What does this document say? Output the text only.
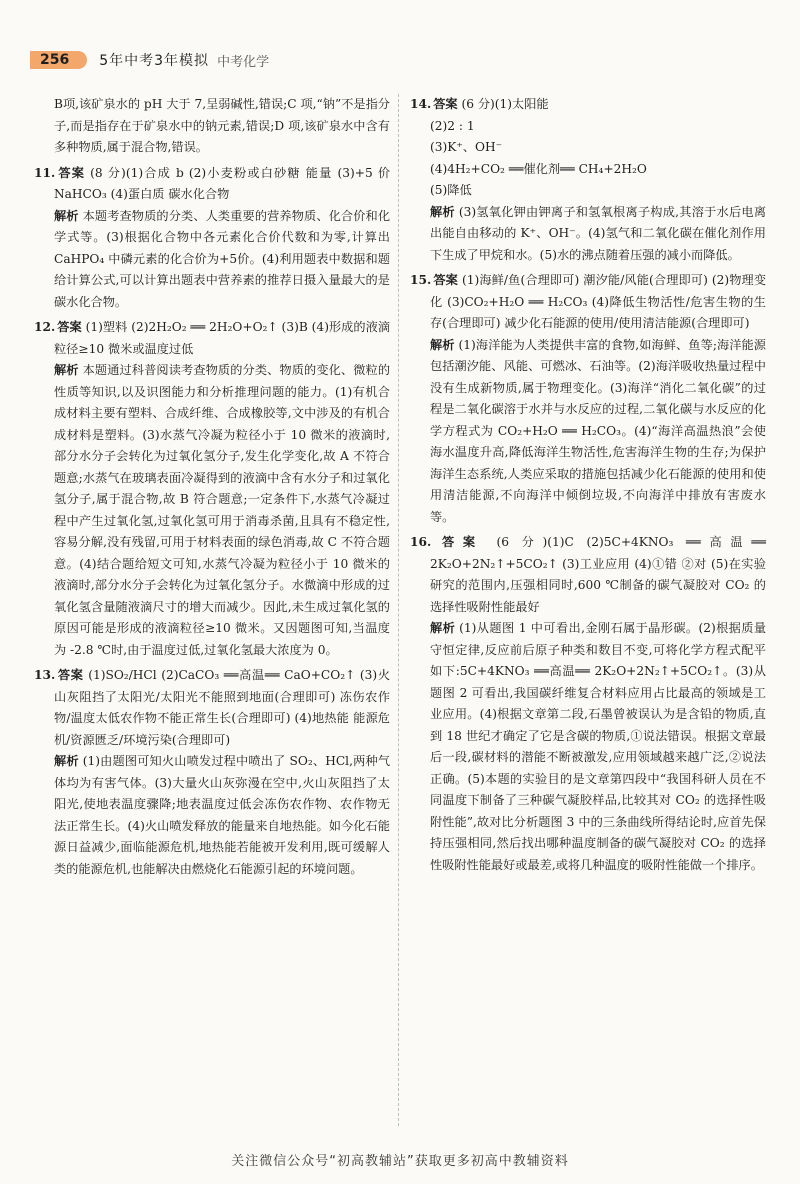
256	5年中考3年模拟 中考化学

B项,该矿泉水的 pH 大于 7,呈弱碱性,错误;C 项,“钠”不是指分子,而是指存在于矿泉水中的钠元素,错误;D 项,该矿泉水中含有多种物质,属于混合物,错误。

11. 答案 (8 分)(1)合成 b (2)小麦粉或白砂糖 能量 (3)+5 价 NaHCO₃ (4)蛋白质 碳水化合物

解析 本题考查物质的分类、人类重要的营养物质、化合价和化学式等。(3)根据化合物中各元素化合价代数和为零,计算出 CaHPO₄ 中磷元素的化合价为+5价。(4)利用题表中数据和题给计算公式,可以计算出题表中营养素的推荐日摄入量最大的是碳水化合物。

12. 答案 (1)塑料 (2)2H₂O₂ ══ 2H₂O+O₂↑ (3)B (4)形成的液滴粒径≥10 微米或温度过低

解析 本题通过科普阅读考查物质的分类、物质的变化、微粒的性质等知识,以及识图能力和分析推理问题的能力。(1)有机合成材料主要有塑料、合成纤维、合成橡胶等,文中涉及的有机合成材料是塑料。(3)水蒸气冷凝为粒径小于 10 微米的液滴时,部分水分子会转化为过氧化氢分子,发生化学变化,故 A 不符合题意;水蒸气在玻璃表面冷凝得到的液滴中含有水分子和过氧化氢分子,属于混合物,故 B 符合题意;一定条件下,水蒸气冷凝过程中产生过氧化氢,过氧化氢可用于消毒杀菌,且具有不稳定性,容易分解,没有残留,可用于材料表面的绿色消毒,故 C 不符合题意。(4)结合题给短文可知,水蒸气冷凝为粒径小于 10 微米的液滴时,部分水分子会转化为过氧化氢分子。水微滴中形成的过氧化氢含量随液滴尺寸的增大而减少。因此,未生成过氧化氢的原因可能是形成的液滴粒径≥10 微米。又因题图可知,当温度为 -2.8 ℃时,由于温度过低,过氧化氢最大浓度为 0。

13. 答案 (1)SO₂/HCl (2)CaCO₃ ══高温══ CaO+CO₂↑ (3)火山灰阻挡了太阳光/太阳光不能照到地面(合理即可) 冻伤农作物/温度太低农作物不能正常生长(合理即可) (4)地热能 能源危机/资源匮乏/环境污染(合理即可)

解析 (1)由题图可知火山喷发过程中喷出了 SO₂、HCl,两种气体均为有害气体。(3)大量火山灰弥漫在空中,火山灰阻挡了太阳光,使地表温度骤降;地表温度过低会冻伤农作物、农作物无法正常生长。(4)火山喷发释放的能量来自地热能。如今化石能源日益减少,面临能源危机,地热能若能被开发利用,既可缓解人类的能源危机,也能解决由燃烧化石能源引起的环境问题。

14. 答案 (6 分)(1)太阳能

(2)2 : 1

(3)K⁺、OH⁻

(4)4H₂+CO₂ ══催化剂══ CH₄+2H₂O

(5)降低

解析 (3)氢氧化钾由钾离子和氢氧根离子构成,其溶于水后电离出能自由移动的 K⁺、OH⁻。(4)氢气和二氧化碳在催化剂作用下生成了甲烷和水。(5)水的沸点随着压强的减小而降低。

15. 答案 (1)海鲜/鱼(合理即可) 潮汐能/风能(合理即可) (2)物理变化 (3)CO₂+H₂O ══ H₂CO₃ (4)降低生物活性/危害生物的生存(合理即可) 减少化石能源的使用/使用清洁能源(合理即可)

解析 (1)海洋能为人类提供丰富的食物,如海鲜、鱼等;海洋能源包括潮汐能、风能、可燃冰、石油等。(2)海洋吸收热量过程中没有生成新物质,属于物理变化。(3)海洋“消化二氧化碳”的过程是二氧化碳溶于水并与水反应的过程,二氧化碳与水反应的化学方程式为 CO₂+H₂O ══ H₂CO₃。(4)“海洋高温热浪”会使海水温度升高,降低海洋生物活性,危害海洋生物的生存;为保护海洋生态系统,人类应采取的措施包括减少化石能源的使用和使用清洁能源,不向海洋中倾倒垃圾,不向海洋中排放有害废水等。

16. 答案 (6 分)(1)C (2)5C+4KNO₃ ══高温══ 2K₂O+2N₂↑+5CO₂↑ (3)工业应用 (4)①错 ②对 (5)在实验研究的范围内,压强相同时,600 ℃制备的碳气凝胶对 CO₂ 的选择性吸附性能最好

解析 (1)从题图 1 中可看出,金刚石属于晶形碳。(2)根据质量守恒定律,反应前后原子种类和数目不变,可将化学方程式配平如下:5C+4KNO₃ ══高温══ 2K₂O+2N₂↑+5CO₂↑。(3)从题图 2 可看出,我国碳纤维复合材料应用占比最高的领域是工业应用。(4)根据文章第二段,石墨曾被误认为是含铅的物质,直到 18 世纪才确定了它是含碳的物质,①说法错误。根据文章最后一段,碳材料的潜能不断被激发,应用领域越来越广泛,②说法正确。(5)本题的实验目的是文章第四段中“我国科研人员在不同温度下制备了三种碳气凝胶样品,比较其对 CO₂ 的选择性吸附性能”,故对比分析题图 3 中的三条曲线所得结论时,应首先保持压强相同,然后找出哪种温度制备的碳气凝胶对 CO₂ 的选择性吸附性能最好或最差,或将几种温度的吸附性能做一个排序。

关注微信公众号“初高教辅站”获取更多初高中教辅资料
